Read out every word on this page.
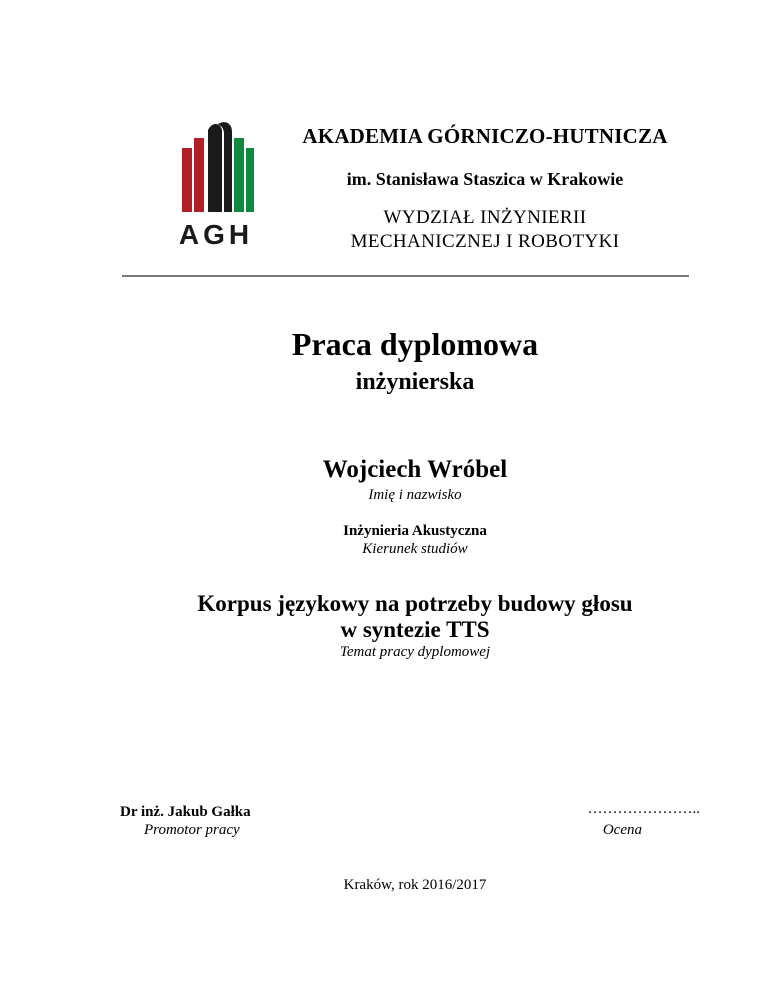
AGH
AKADEMIA GÓRNICZO-HUTNICZA
im. Stanisława Staszica w Krakowie
WYDZIAŁ INŻYNIERII
MECHANICZNEJ I ROBOTYKI
Praca dyplomowa
inżynierska
Wojciech Wróbel
Imię i nazwisko
Inżynieria Akustyczna
Kierunek studiów
Korpus językowy na potrzeby budowy głosu
w syntezie TTS
Temat pracy dyplomowej
Dr inż. Jakub Gałka
Promotor pracy
…………………..
Ocena
Kraków, rok 2016/2017
